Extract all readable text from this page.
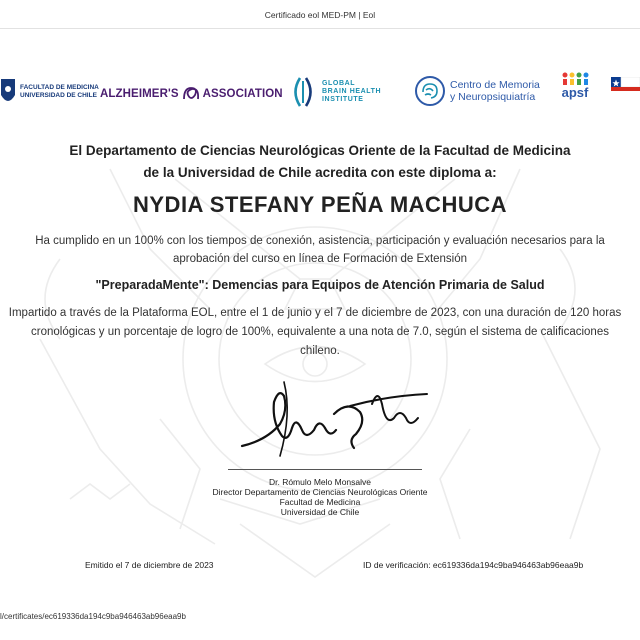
Certificado eol MED-PM | Eol
FACULTAD DE MEDICINA
UNIVERSIDAD DE CHILE ALZHEIMER'S ASSOCIATION
GLOBAL
BRAIN HEALTH
INSTITUTE
Centro de Memoria
y Neuropsiquiatría	apsf
El Departamento de Ciencias Neurológicas Oriente de la Facultad de Medicina
de la Universidad de Chile acredita con este diploma a:
NYDIA STEFANY PEÑA MACHUCA
Ha cumplido en un 100% con los tiempos de conexión, asistencia, participación y evaluación necesarios para la
aprobación del curso en línea de Formación de Extensión
"PreparadaMente": Demencias para Equipos de Atención Primaria de Salud
Impartido a través de la Plataforma EOL, entre el 1 de junio y el 7 de diciembre de 2023, con una duración de 120 horas
cronológicas y un porcentaje de logro de 100%, equivalente a una nota de 7.0, según el sistema de calificaciones
chileno.
Dr. Rómulo Melo Monsalve
Director Departamento de Ciencias Neurológicas Oriente
Facultad de Medicina
Universidad de Chile
Emitido el 7 de diciembre de 2023	ID de verificación: ec619336da194c9ba946463ab96eaa9b
l/certificates/ec619336da194c9ba946463ab96eaa9b
